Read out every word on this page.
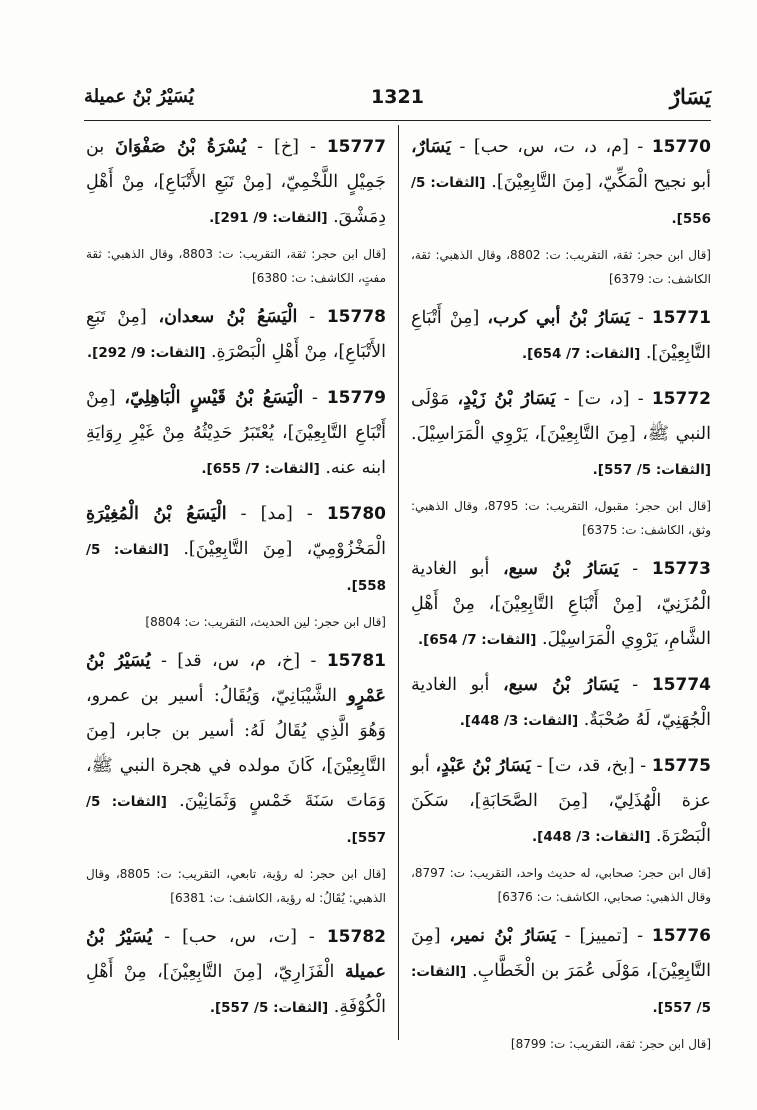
يَسَارٌ
1321
يُسَيْرُ بْنُ عميلة

15770 - [م، د، ت، س، حب] - يَسَارٌ، أبو نجيح الْمَكِّيّ، [مِنَ التَّابِعِيْنَ]. [الثقات: 5/ 556].

[قال ابن حجر: ثقة، التقريب: ت: 8802، وقال الذهبي: ثقة، الكاشف: ت: 6379]

15771 - يَسَارُ بْنُ أبي كرب، [مِنْ أَتْبَاعِ التَّابِعِيْنَ]. [الثقات: 7/ 654].

15772 - [د، ت] - يَسَارُ بْنُ زَيْدٍ، مَوْلَى النبي ﷺ، [مِنَ التَّابِعِيْنَ]، يَرْوِي الْمَرَاسِيْلَ. [الثقات: 5/ 557].

[قال ابن حجر: مقبول، التقريب: ت: 8795، وقال الذهبي: وثق، الكاشف: ت: 6375]

15773 - يَسَارُ بْنُ سبع، أبو الغادية الْمُزَنِيّ، [مِنْ أَتْبَاعِ التَّابِعِيْنَ]، مِنْ أَهْلِ الشَّامِ، يَرْوِي الْمَرَاسِيْلَ. [الثقات: 7/ 654].

15774 - يَسَارُ بْنُ سبع، أبو الغادية الْجُهَنِيّ، لَهُ صُحْبَةٌ. [الثقات: 3/ 448].

15775 - [بخ، قد، ت] - يَسَارُ بْنُ عَبْدٍ، أبو عزة الْهُذَلِيّ، [مِنَ الصَّحَابَةِ]، سَكَنَ الْبَصْرَةَ. [الثقات: 3/ 448].

[قال ابن حجر: صحابي، له حديث واحد، التقريب: ت: 8797، وقال الذهبي: صحابي، الكاشف: ت: 6376]

15776 - [تمييز] - يَسَارُ بْنُ نمير، [مِنَ التَّابِعِيْنَ]، مَوْلَى عُمَرَ بن الْخَطَّابِ. [الثقات: 5/ 557].

[قال ابن حجر: ثقة، التقريب: ت: 8799]

15777 - [خ] - يُسْرَةُ بْنُ صَفْوَانَ بن جَمِيْلٍ اللَّخْمِيّ، [مِنْ تَبَعِ الأَتْبَاعِ]، مِنْ أَهْلِ دِمَشْقَ. [الثقات: 9/ 291].

[قال ابن حجر: ثقة، التقريب: ت: 8803، وقال الذهبي: ثقة مفتٍ، الكاشف: ت: 6380]

15778 - الْيَسَعُ بْنُ سعدان، [مِنْ تَبَعِ الأَتْبَاعِ]، مِنْ أَهْلِ الْبَصْرَةِ. [الثقات: 9/ 292].

15779 - الْيَسَعُ بْنُ قَيْسٍ الْبَاهِلِيّ، [مِنْ أَتْبَاعِ التَّابِعِيْنَ]، يُعْتَبَرُ حَدِيْثُهُ مِنْ غَيْرِ رِوَايَةِ ابنه عنه. [الثقات: 7/ 655].

15780 - [مد] - الْيَسَعُ بْنُ الْمُغِيْرَةِ الْمَخْزُوْمِيّ، [مِنَ التَّابِعِيْنَ]. [الثقات: 5/ 558].

[قال ابن حجر: لين الحديث، التقريب: ت: 8804]

15781 - [خ، م، س، قد] - يُسَيْرُ بْنُ عَمْرٍو الشَّيْبَانِيّ، وَيُقَالُ: أسير بن عمرو، وَهُوَ الَّذِي يُقَالُ لَهُ: أسير بن جابر، [مِنَ التَّابِعِيْنَ]، كَانَ مولده في هجرة النبي ﷺ، وَمَاتَ سَنَةَ خَمْسٍ وَثَمَانِيْنَ. [الثقات: 5/ 557].

[قال ابن حجر: له رؤية، تابعي، التقريب: ت: 8805، وقال الذهبي: يُقَالُ: له رؤية، الكاشف: ت: 6381]

15782 - [ت، س، حب] - يُسَيْرُ بْنُ عميلة الْفَزَارِيّ، [مِنَ التَّابِعِيْنَ]، مِنْ أَهْلِ الْكُوْفَةِ. [الثقات: 5/ 557].
